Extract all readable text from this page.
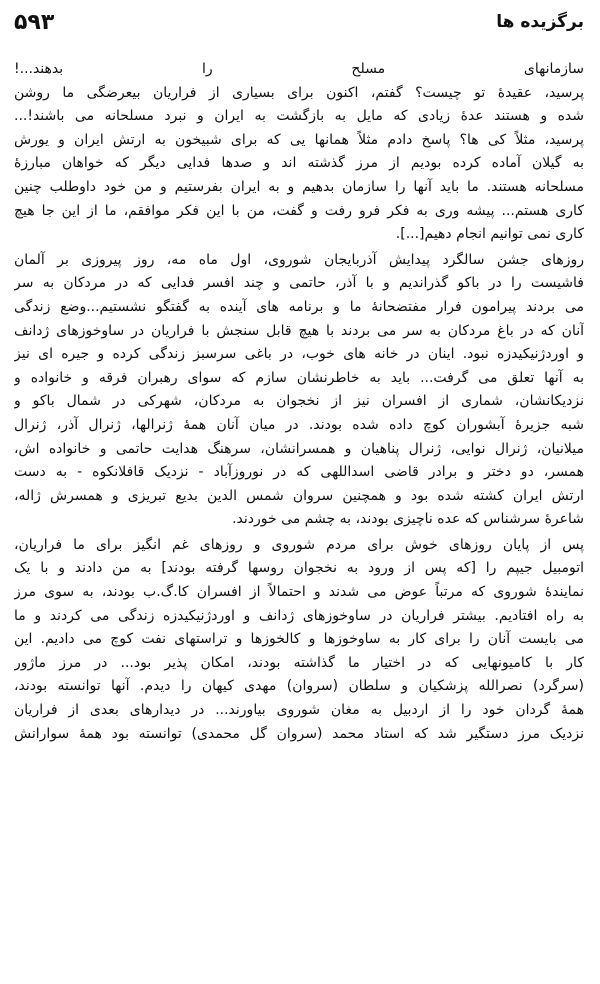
۵۹۳	برگزیده ها
سازمانهای مسلح را بدهند...!
پرسید، عقیدهٔ تو چیست؟ گفتم، اکنون برای بسیاری از فراریان بیعرضگی ما روشن
شده و هستند عدهٔ زیادی که مایل به بازگشت به ایران و نبرد مسلحانه می باشند!...
پرسید، مثلاً کی ها؟ پاسخ دادم مثلاً همانها یی که برای شبیخون به ارتش ایران و یورش
به گیلان آماده کرده بودیم از مرز گذشته اند و صدها فدایی دیگر که خواهان مبارزهٔ
مسلحانه هستند. ما باید آنها را سازمان بدهیم و به ایران بفرستیم و من خود داوطلب چنین
کاری هستم... پیشه وری به فکر فرو رفت و گفت، من با این فکر موافقم، ما از این جا هیچ
کاری نمی توانیم انجام دهیم[...].
روزهای جشن سالگرد پیدایش آذربایجان شوروی، اول ماه مه، روز پیروزی بر آلمان
فاشیست را در باکو گذراندیم و با آذر، حاتمی و چند افسر فدایی که در مردکان به سر
می بردند پیرامون فرار مفتضحانهٔ ما و برنامه های آینده به گفتگو نشستیم...وضع زندگی
آنان که در باغ مردکان به سر می بردند با هیچ قابل سنجش با فراریان در ساوخوزهای ژدانف
و اوردژنیکیدزه نبود. اینان در خانه های خوب، در باغی سرسبز زندگی کرده و جیره ای نیز
به آنها تعلق می گرفت... باید به خاطرنشان سازم که سوای رهبران فرقه و خانواده و
نزدیکانشان، شماری از افسران نیز از نخجوان به مردکان، شهرکی در شمال باکو و
شبه جزیرهٔ آبشوران کوچ داده شده بودند. در میان آنان همهٔ ژنرالها، ژنرال آذر، ژنرال
میلانیان، ژنرال نوایی، ژنرال پناهیان و همسرانشان، سرهنگ هدایت حاتمی و خانواده اش،
همسر، دو دختر و برادر قاضی اسداللهی که در نوروزآباد - نزدیک قافلانکوه - به دست
ارتش ایران کشته شده بود و همچنین سروان شمس الدین بدیع تبریزی و همسرش ژاله،
شاعرهٔ سرشناس که عده ناچیزی بودند، به چشم می خوردند.
پس از پایان روزهای خوش برای مردم شوروی و روزهای غم انگیز برای ما فراریان،
اتومبیل جیپم را [که پس از ورود به نخجوان روسها گرفته بودند] به من دادند و با یک
نمایندهٔ شوروی که مرتباً عوض می شدند و احتمالاً از افسران کا.گ.ب بودند، به سوی مرز
به راه افتادیم. بیشتر فراریان در ساوخوزهای ژدانف و اوردژنیکیدزه زندگی می کردند و ما
می بایست آنان را برای کار به ساوخوزها و کالخوزها و تراستهای نفت کوچ می دادیم. این
کار با کامیونهایی که در اختیار ما گذاشته بودند، امکان پذیر بود... در مرز ماژور
(سرگرد) نصرالله پزشکیان و سلطان (سروان) مهدی کیهان را دیدم. آنها توانسته بودند،
همهٔ گردان خود را از اردبیل به مغان شوروی بیاورند... در دیدارهای بعدی از فراریان
نزدیک مرز دستگیر شد که استاد محمد (سروان گل محمدی) توانسته بود همهٔ سوارانش
